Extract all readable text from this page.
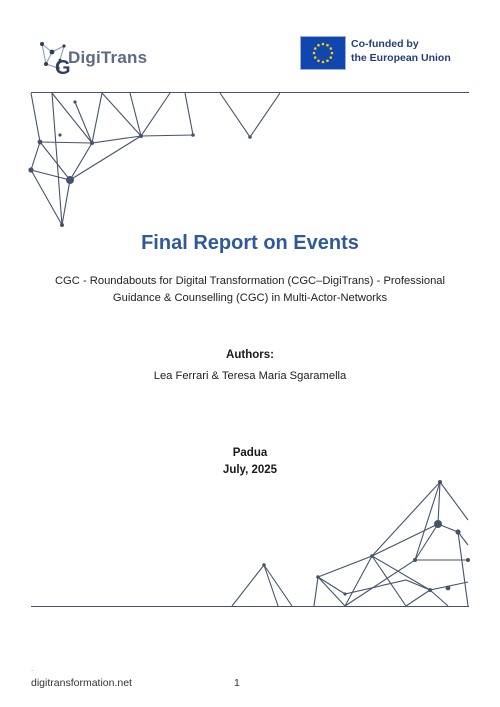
G
DigiTrans
Co-funded by
the European Union
Final Report on Events
CGC - Roundabouts for Digital Transformation (CGC–DigiTrans) - Professional Guidance & Counselling (CGC) in Multi-Actor-Networks
Authors:
Lea Ferrari & Teresa Maria Sgaramella
Padua
July, 2025
.
digitransformation.net	1
